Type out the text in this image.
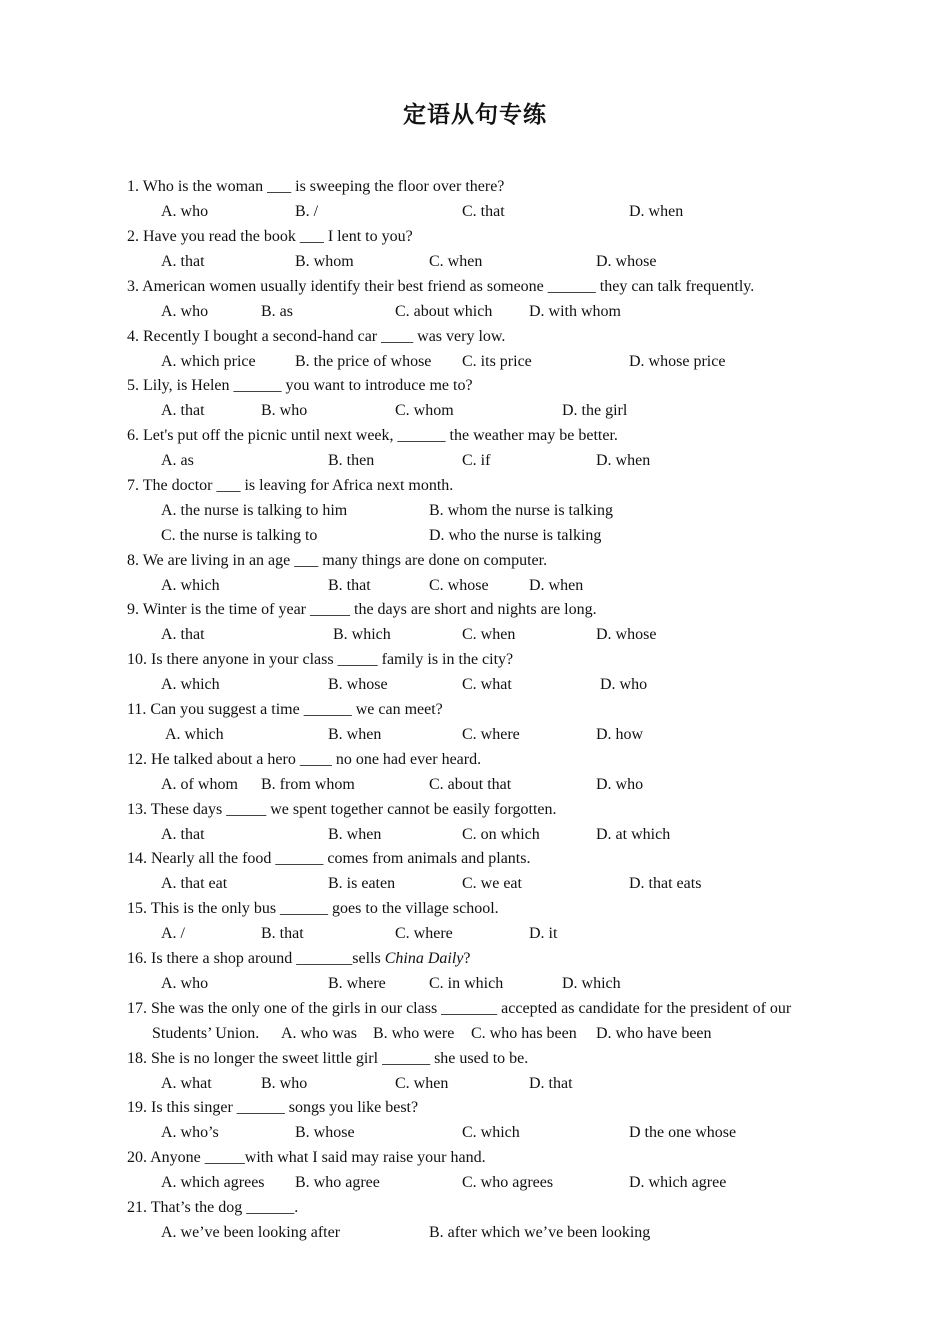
定语从句专练
1. Who is the woman ___ is sweeping the floor over there?
A. who	B. /	C. that	D. when
2. Have you read the book ___ I lent to you?
A. that	B. whom	C. when	D. whose
3. American women usually identify their best friend as someone ______ they can talk frequently.
A. who	B. as	C. about which D. with whom
4. Recently I bought a second-hand car ____ was very low.
A. which price B. the price of whose C. its price	D. whose price
5. Lily, is Helen ______ you want to introduce me to?
A. that	B. who	C. whom	D. the girl
6. Let's put off the picnic until next week, ______ the weather may be better.
A. as	B. then	C. if	D. when
7. The doctor ___ is leaving for Africa next month.
A. the nurse is talking to him	B. whom the nurse is talking
C. the nurse is talking to	D. who the nurse is talking
8. We are living in an age ___ many things are done on computer.
A. which	B. that	C. whose	D. when
9. Winter is the time of year _____ the days are short and nights are long.
A. that	B. which	C. when	D. whose
10. Is there anyone in your class _____ family is in the city?
A. which	B. whose	C. what	D. who
11. Can you suggest a time ______ we can meet?
A. which	B. when	C. where	D. how
12. He talked about a hero ____ no one had ever heard.
A. of whom B. from whom	C. about that	D. who
13. These days _____ we spent together cannot be easily forgotten.
A. that	B. when	C. on which	D. at which
14. Nearly all the food ______ comes from animals and plants.
A. that eat	B. is eaten	C. we eat	D. that eats
15. This is the only bus ______ goes to the village school.
A. /	B. that	C. where	D. it
16. Is there a shop around _______sells China Daily?
A. who	B. where	C. in which	D. which
17. She was the only one of the girls in our class _______ accepted as candidate for the president of our
Students’ Union. A. who was B. who were C. who has been D. who have been
18. She is no longer the sweet little girl ______ she used to be.
A. what	B. who	C. when	D. that
19. Is this singer ______ songs you like best?
A. who’s	B. whose	C. which	D the one whose
20. Anyone _____with what I said may raise your hand.
A. which agrees B. who agree	C. who agrees	D. which agree
21. That’s the dog ______.
A. we’ve been looking after	B. after which we’ve been looking
